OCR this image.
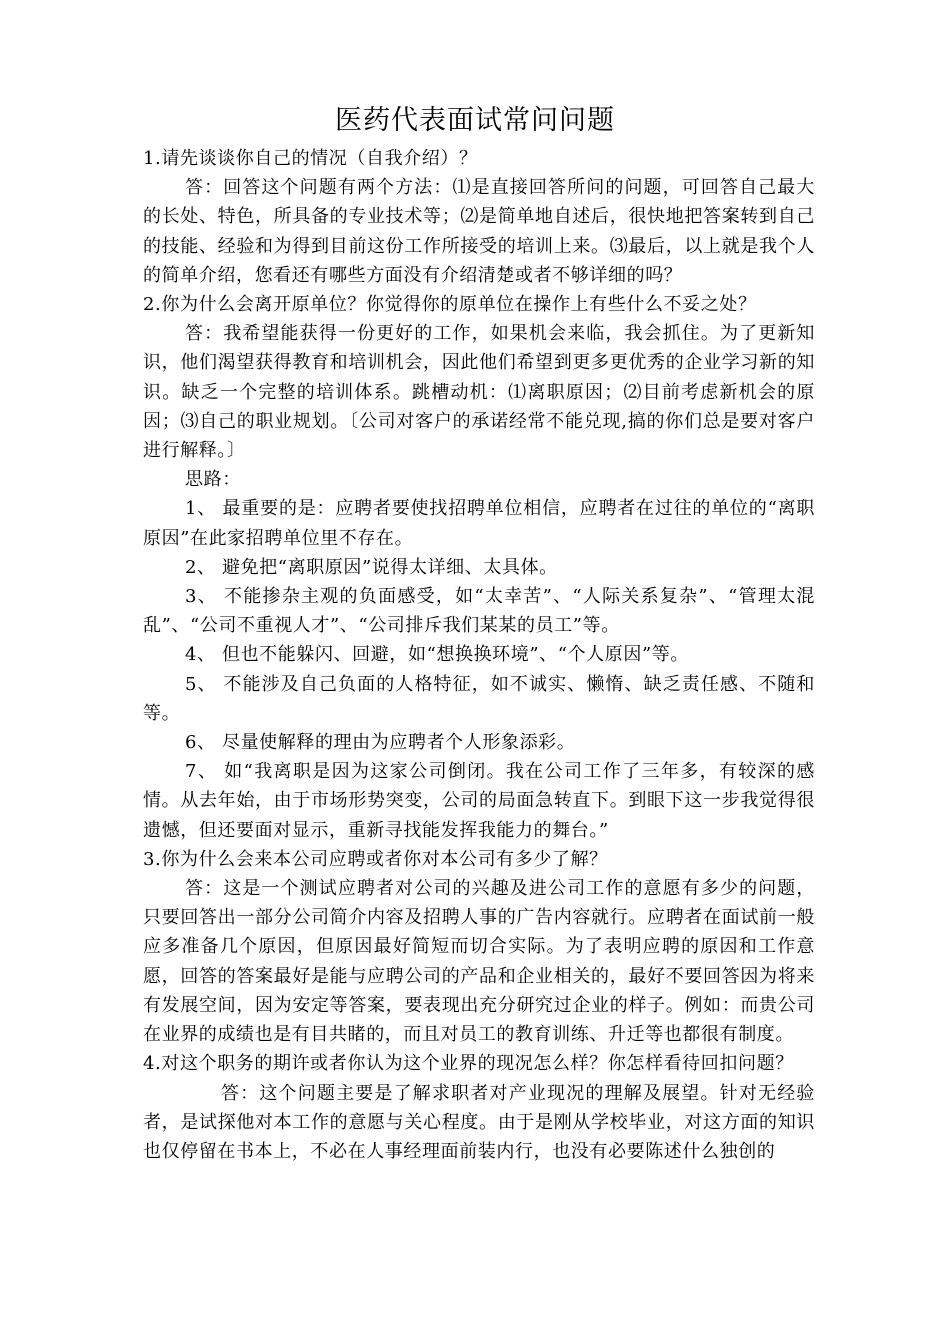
医药代表面试常问问题

1.请先谈谈你自己的情况（自我介绍）？

答：回答这个问题有两个方法：⑴是直接回答所问的问题，可回答自己最大的长处、特色，所具备的专业技术等；⑵是简单地自述后，很快地把答案转到自己的技能、经验和为得到目前这份工作所接受的培训上来。⑶最后，以上就是我个人的简单介绍，您看还有哪些方面没有介绍清楚或者不够详细的吗？

2.你为什么会离开原单位？你觉得你的原单位在操作上有些什么不妥之处？

答：我希望能获得一份更好的工作，如果机会来临，我会抓住。为了更新知识，他们渴望获得教育和培训机会，因此他们希望到更多更优秀的企业学习新的知识。缺乏一个完整的培训体系。跳槽动机：⑴离职原因；⑵目前考虑新机会的原因；⑶自己的职业规划。〔公司对客户的承诺经常不能兑现,搞的你们总是要对客户进行解释。〕

思路：

1、 最重要的是：应聘者要使找招聘单位相信，应聘者在过往的单位的“离职原因”在此家招聘单位里不存在。

2、 避免把“离职原因”说得太详细、太具体。

3、 不能掺杂主观的负面感受，如“太幸苦”、“人际关系复杂”、“管理太混乱”、“公司不重视人才”、“公司排斥我们某某的员工”等。

4、 但也不能躲闪、回避，如“想换换环境”、“个人原因”等。

5、 不能涉及自己负面的人格特征，如不诚实、懒惰、缺乏责任感、不随和等。

6、 尽量使解释的理由为应聘者个人形象添彩。

7、 如“我离职是因为这家公司倒闭。我在公司工作了三年多，有较深的感情。从去年始，由于市场形势突变，公司的局面急转直下。到眼下这一步我觉得很遗憾，但还要面对显示，重新寻找能发挥我能力的舞台。”

3.你为什么会来本公司应聘或者你对本公司有多少了解？

答：这是一个测试应聘者对公司的兴趣及进公司工作的意愿有多少的问题，只要回答出一部分公司简介内容及招聘人事的广告内容就行。应聘者在面试前一般应多准备几个原因，但原因最好简短而切合实际。为了表明应聘的原因和工作意愿，回答的答案最好是能与应聘公司的产品和企业相关的，最好不要回答因为将来有发展空间，因为安定等答案，要表现出充分研究过企业的样子。例如：而贵公司在业界的成绩也是有目共睹的，而且对员工的教育训练、升迁等也都很有制度。

4.对这个职务的期许或者你认为这个业界的现况怎么样？你怎样看待回扣问题？

答：这个问题主要是了解求职者对产业现况的理解及展望。针对无经验者，是试探他对本工作的意愿与关心程度。由于是刚从学校毕业，对这方面的知识也仅停留在书本上，不必在人事经理面前装内行，也没有必要陈述什么独创的
